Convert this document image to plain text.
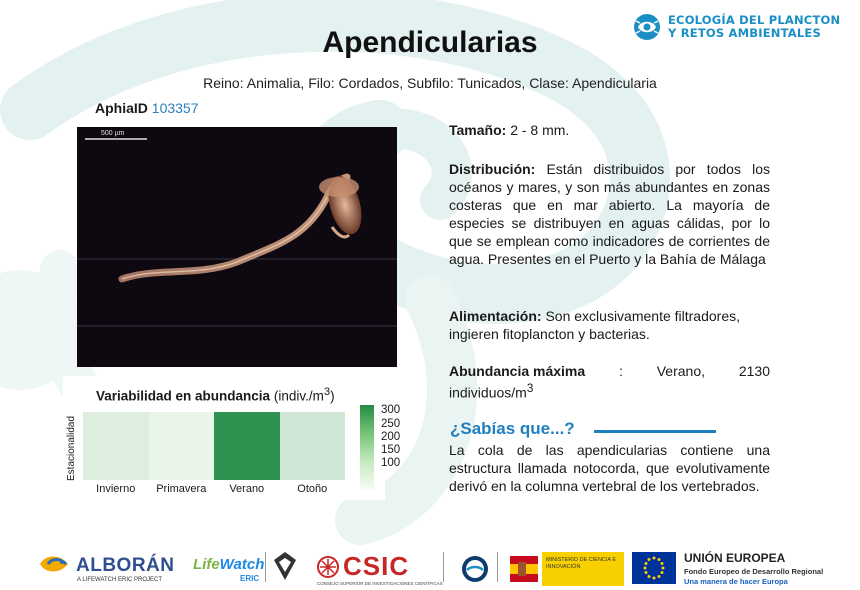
ECOLOGÍA DEL PLANCTON
Y RETOS AMBIENTALES
Apendicularias
Reino: Animalia, Filo: Cordados, Subfilo: Tunicados, Clase: Apendicularia
AphiaID 103357
500 µm
Variabilidad en abundancia $(indiv./m^3)$
Estacionalidad
Invierno	Primavera	Verano	Otoño
300
250
200
150
100
Tamaño: 2 - 8 mm.
Distribución: Están distribuidos por todos los océanos y mares, y son más abundantes en zonas costeras que en mar abierto. La mayoría de especies se distribuyen en aguas cálidas, por lo que se emplean como indicadores de corrientes de agua. Presentes en el Puerto y la Bahía de Málaga
Alimentación: Son exclusivamente filtradores, ingieren fitoplancton y bacterias.
Abundancia máxima : Verano, 2130
individuos/$m^3$
¿Sabías que...?
La cola de las apendicularias contiene una estructura llamada notocorda, que evolutivamente derivó en la columna vertebral de los vertebrados.
ALBORÁN
A LIFEWATCH ERIC PROJECT
LifeWatch
ERIC	CSIC
CONSEJO SUPERIOR DE INVESTIGACIONES CIENTÍFICAS
MINISTERIO DE CIENCIA E INNOVACIÓN
UNIÓN EUROPEA
Fondo Europeo de Desarrollo Regional
Una manera de hacer Europa
